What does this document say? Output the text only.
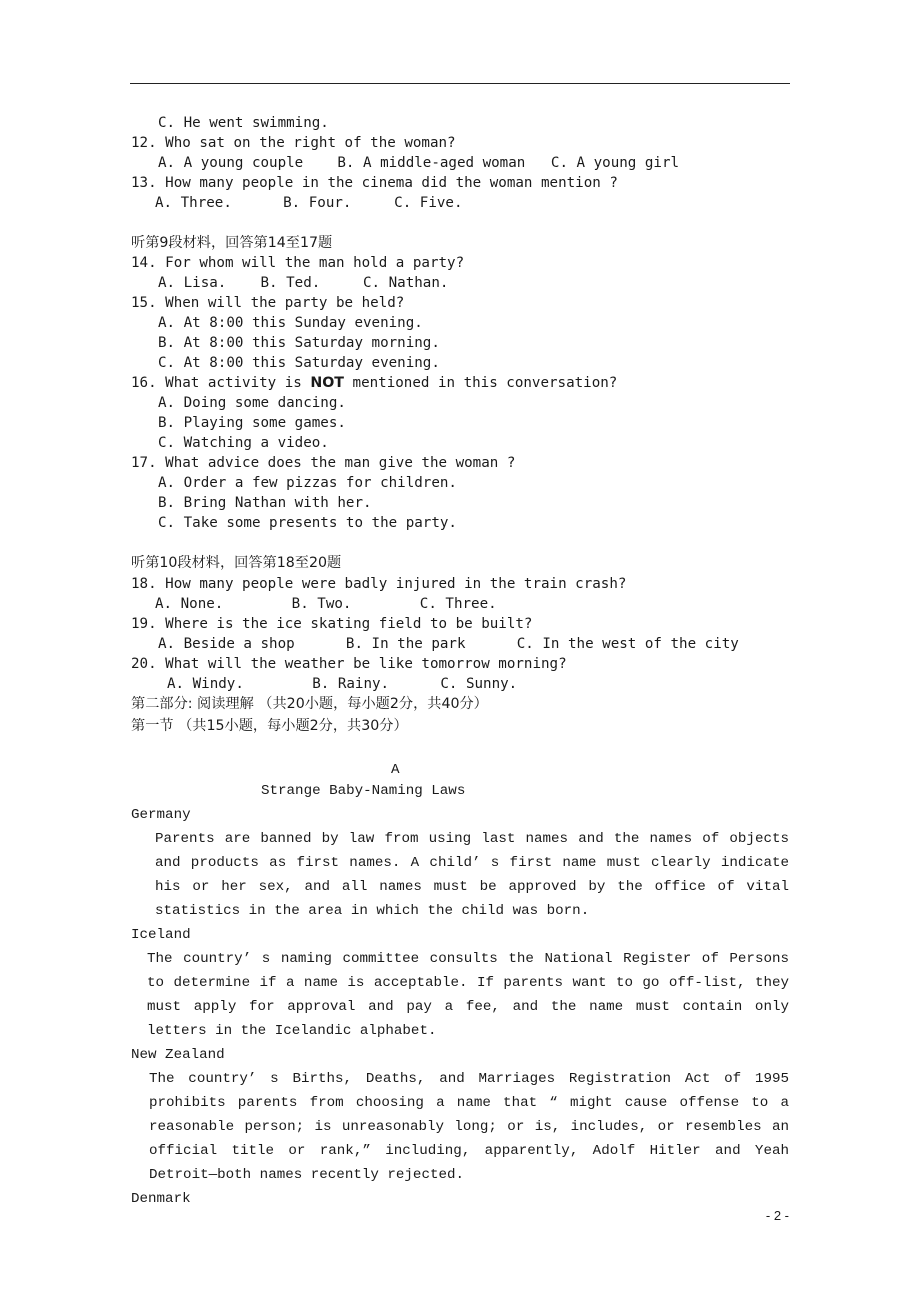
C. He went swimming.
12. Who sat on the right of the woman?
A. A young couple    B. A middle-aged woman   C. A young girl
13. How many people in the cinema did the woman mention ?
A. Three.      B. Four.     C. Five.
听第9段材料，回答第14至17题
14. For whom will the man hold a party?
A. Lisa.    B. Ted.     C. Nathan.
15. When will the party be held?
A. At 8:00 this Sunday evening.
B. At 8:00 this Saturday morning.
C. At 8:00 this Saturday evening.
16. What activity is NOT mentioned in this conversation?
A. Doing some dancing.
B. Playing some games.
C. Watching a video.
17. What advice does the man give the woman ?
A. Order a few pizzas for children.
B. Bring Nathan with her.
C. Take some presents to the party.
听第10段材料，回答第18至20题
18. How many people were badly injured in the train crash?
A. None.        B. Two.        C. Three.
19. Where is the ice skating field to be built?
A. Beside a shop      B. In the park      C. In the west of the city
20. What will the weather be like tomorrow morning?
A. Windy.        B. Rainy.      C. Sunny.
第二部分: 阅读理解 （共20小题，每小题2分，共40分）
第一节 （共15小题，每小题2分，共30分）
A
Strange Baby-Naming Laws
Germany
Parents are banned by law from using last names and the names of objects and products as first names. A child’ s first name must clearly indicate his or her sex, and all names must be approved by the office of vital statistics in the area in which the child was born.
Iceland
The country’ s naming committee consults the National Register of Persons to determine if a name is acceptable. If parents want to go off-list, they must apply for approval and pay a fee, and the name must contain only letters in the Icelandic alphabet.
New Zealand
The country’ s Births, Deaths, and Marriages Registration Act of 1995 prohibits parents from choosing a name that “ might cause offense to a reasonable person; is unreasonably long; or is, includes, or resembles an official title or rank,” including, apparently, Adolf Hitler and Yeah Detroit—both names recently rejected.
Denmark
- 2 -
